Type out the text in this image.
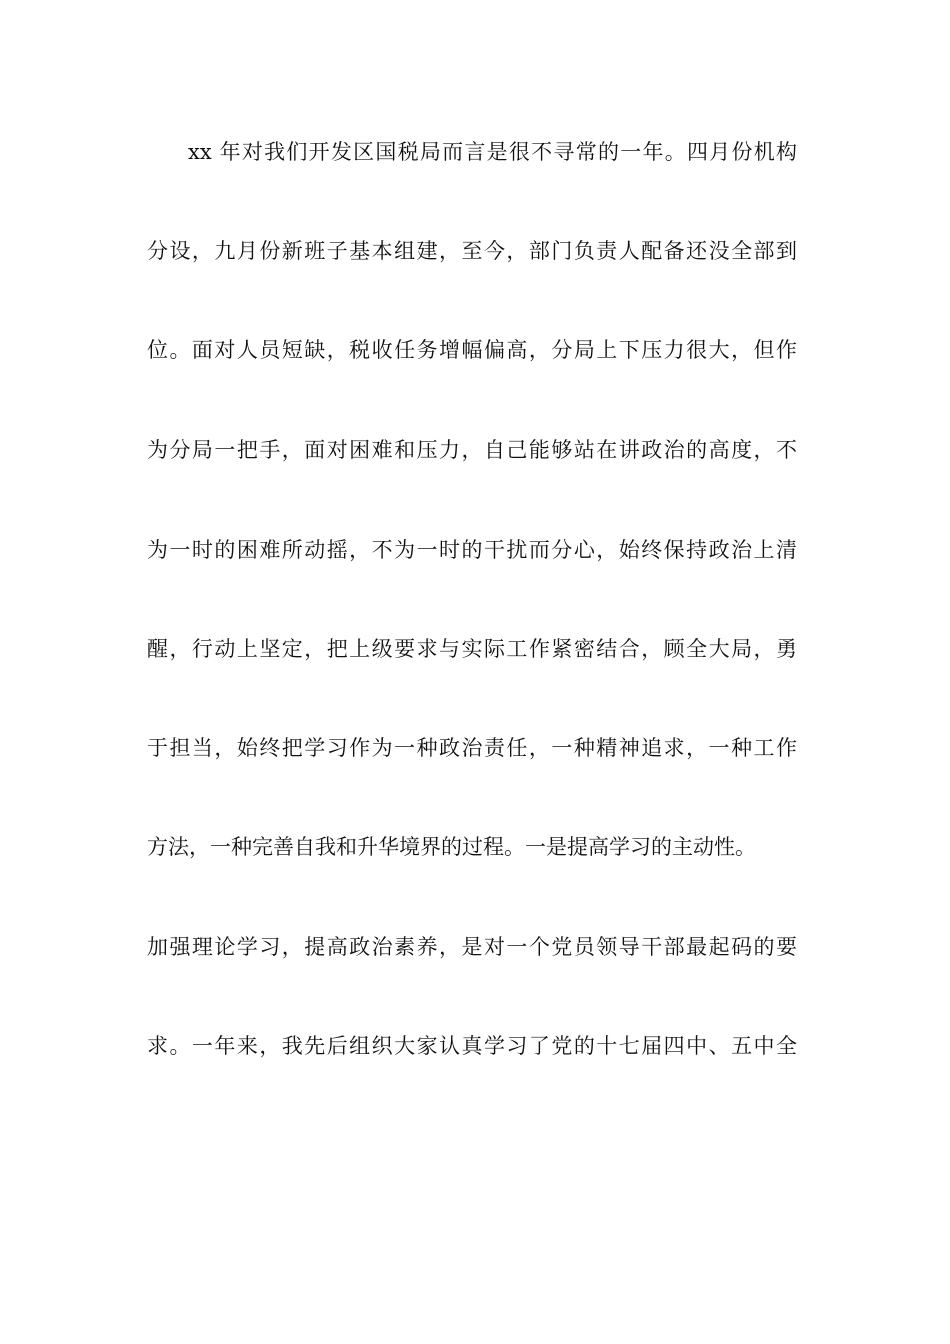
xx 年对我们开发区国税局而言是很不寻常的一年。四月份机构
分设，九月份新班子基本组建，至今，部门负责人配备还没全部到
位。面对人员短缺，税收任务增幅偏高，分局上下压力很大，但作
为分局一把手，面对困难和压力，自己能够站在讲政治的高度，不
为一时的困难所动摇，不为一时的干扰而分心，始终保持政治上清
醒，行动上坚定，把上级要求与实际工作紧密结合，顾全大局，勇
于担当，始终把学习作为一种政治责任，一种精神追求，一种工作
方法，一种完善自我和升华境界的过程。一是提高学习的主动性。
加强理论学习，提高政治素养，是对一个党员领导干部最起码的要
求。一年来，我先后组织大家认真学习了党的十七届四中、五中全
